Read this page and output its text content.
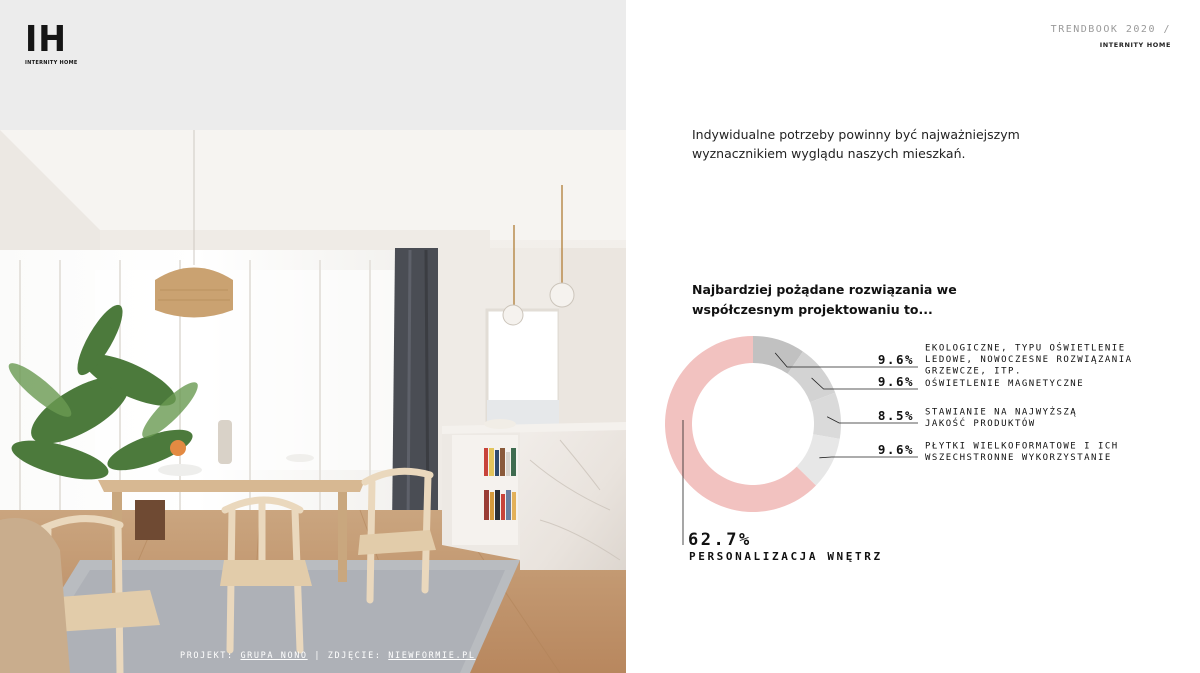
IH
INTERNITY HOME
PROJEKT: GRUPA NONO | ZDJĘCIE: NIEWFORMIE.PL
TRENDBOOK 2020 /
INTERNITY HOME
Indywidualne potrzeby powinny być najważniejszym wyznacznikiem wyglądu naszych mieszkań.
Najbardziej pożądane rozwiązania we współczesnym projektowaniu to...
9.6%
EKOLOGICZNE, TYPU OŚWIETLENIE
LEDOWE, NOWOCZESNE ROZWIĄZANIA
GRZEWCZE, ITP.
9.6% OŚWIETLENIE MAGNETYCZNE
8.5% STAWIANIE NA NAJWYŻSZĄ
JAKOŚĆ PRODUKTÓW
9.6% PŁYTKI WIELKOFORMATOWE I ICH
WSZECHSTRONNE WYKORZYSTANIE
62.7%
PERSONALIZACJA WNĘTRZ
